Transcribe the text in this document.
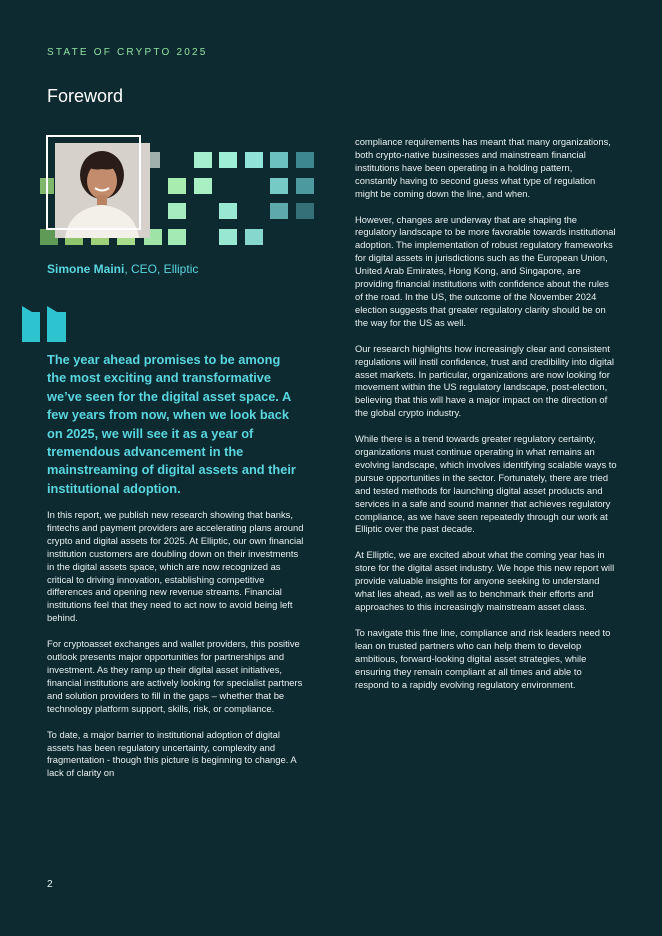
STATE OF CRYPTO 2025
Foreword
Simone Maini, CEO, Elliptic

The year ahead promises to be among the most exciting and transformative we’ve seen for the digital asset space. A few years from now, when we look back on 2025, we will see it as a year of tremendous advancement in the mainstreaming of digital assets and their institutional adoption.

In this report, we publish new research showing that banks, fintechs and payment providers are accelerating plans around crypto and digital assets for 2025. At Elliptic, our own financial institution customers are doubling down on their investments in the digital assets space, which are now recognized as critical to driving innovation, establishing competitive differences and opening new revenue streams. Financial institutions feel that they need to act now to avoid being left behind.

For cryptoasset exchanges and wallet providers, this positive outlook presents major opportunities for partnerships and investment. As they ramp up their digital asset initiatives, financial institutions are actively looking for specialist partners and solution providers to fill in the gaps – whether that be technology platform support, skills, risk, or compliance.

To date, a major barrier to institutional adoption of digital assets has been regulatory uncertainty, complexity and fragmentation - though this picture is beginning to change. A lack of clarity on

compliance requirements has meant that many organizations, both crypto-native businesses and mainstream financial institutions have been operating in a holding pattern, constantly having to second guess what type of regulation might be coming down the line, and when.

However, changes are underway that are shaping the regulatory landscape to be more favorable towards institutional adoption. The implementation of robust regulatory frameworks for digital assets in jurisdictions such as the European Union, United Arab Emirates, Hong Kong, and Singapore, are providing financial institutions with confidence about the rules of the road. In the US, the outcome of the November 2024 election suggests that greater regulatory clarity should be on the way for the US as well.

Our research highlights how increasingly clear and consistent regulations will instil confidence, trust and credibility into digital asset markets. In particular, organizations are now looking for movement within the US regulatory landscape, post-election, believing that this will have a major impact on the direction of the global crypto industry.

While there is a trend towards greater regulatory certainty, organizations must continue operating in what remains an evolving landscape, which involves identifying scalable ways to pursue opportunities in the sector. Fortunately, there are tried and tested methods for launching digital asset products and services in a safe and sound manner that achieves regulatory compliance, as we have seen repeatedly through our work at Elliptic over the past decade.

At Elliptic, we are excited about what the coming year has in store for the digital asset industry. We hope this new report will provide valuable insights for anyone seeking to understand what lies ahead, as well as to benchmark their efforts and approaches to this increasingly mainstream asset class.

To navigate this fine line, compliance and risk leaders need to lean on trusted partners who can help them to develop ambitious, forward-looking digital asset strategies, while ensuring they remain compliant at all times and able to respond to a rapidly evolving regulatory environment.

2
